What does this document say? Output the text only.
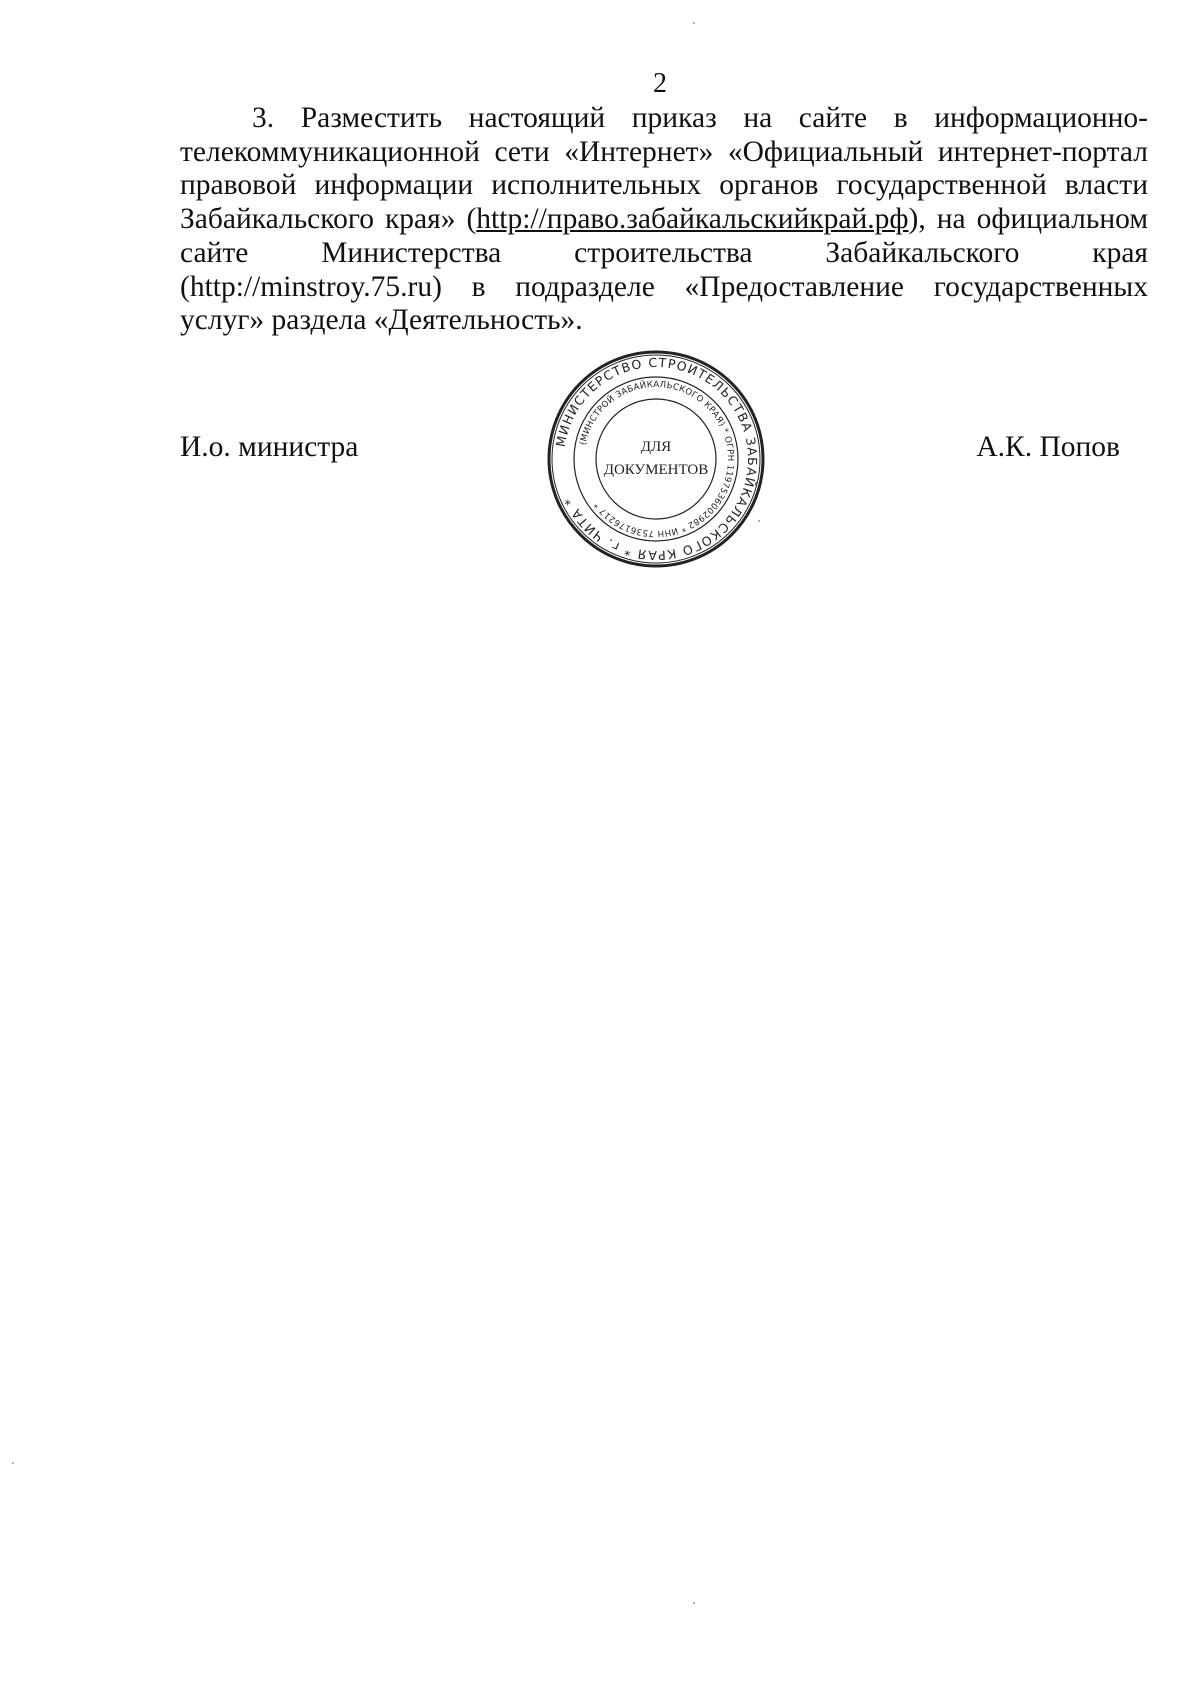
2

3. Разместить настоящий приказ на сайте в информационно-телекоммуникационной сети «Интернет» «Официальный интернет-портал правовой информации исполнительных органов государственной власти Забайкальского края» (http://право.забайкальскийкрай.рф), на официальном сайте Министерства строительства Забайкальского края (http://minstroy.75.ru) в подразделе «Предоставление государственных услуг» раздела «Деятельность».

И.о. министра	А.К. Попов
МИНИСТЕРСТВО СТРОИТЕЛЬСТВА ЗАБАЙКАЛЬСКОГО КРАЯ * г. ЧИТА *
(МИНСТРОЙ ЗАБАЙКАЛЬСКОГО КРАЯ) * ОГРН 1197536002982 * ИНН 7536176217 *
ДЛЯ
ДОКУМЕНТОВ
